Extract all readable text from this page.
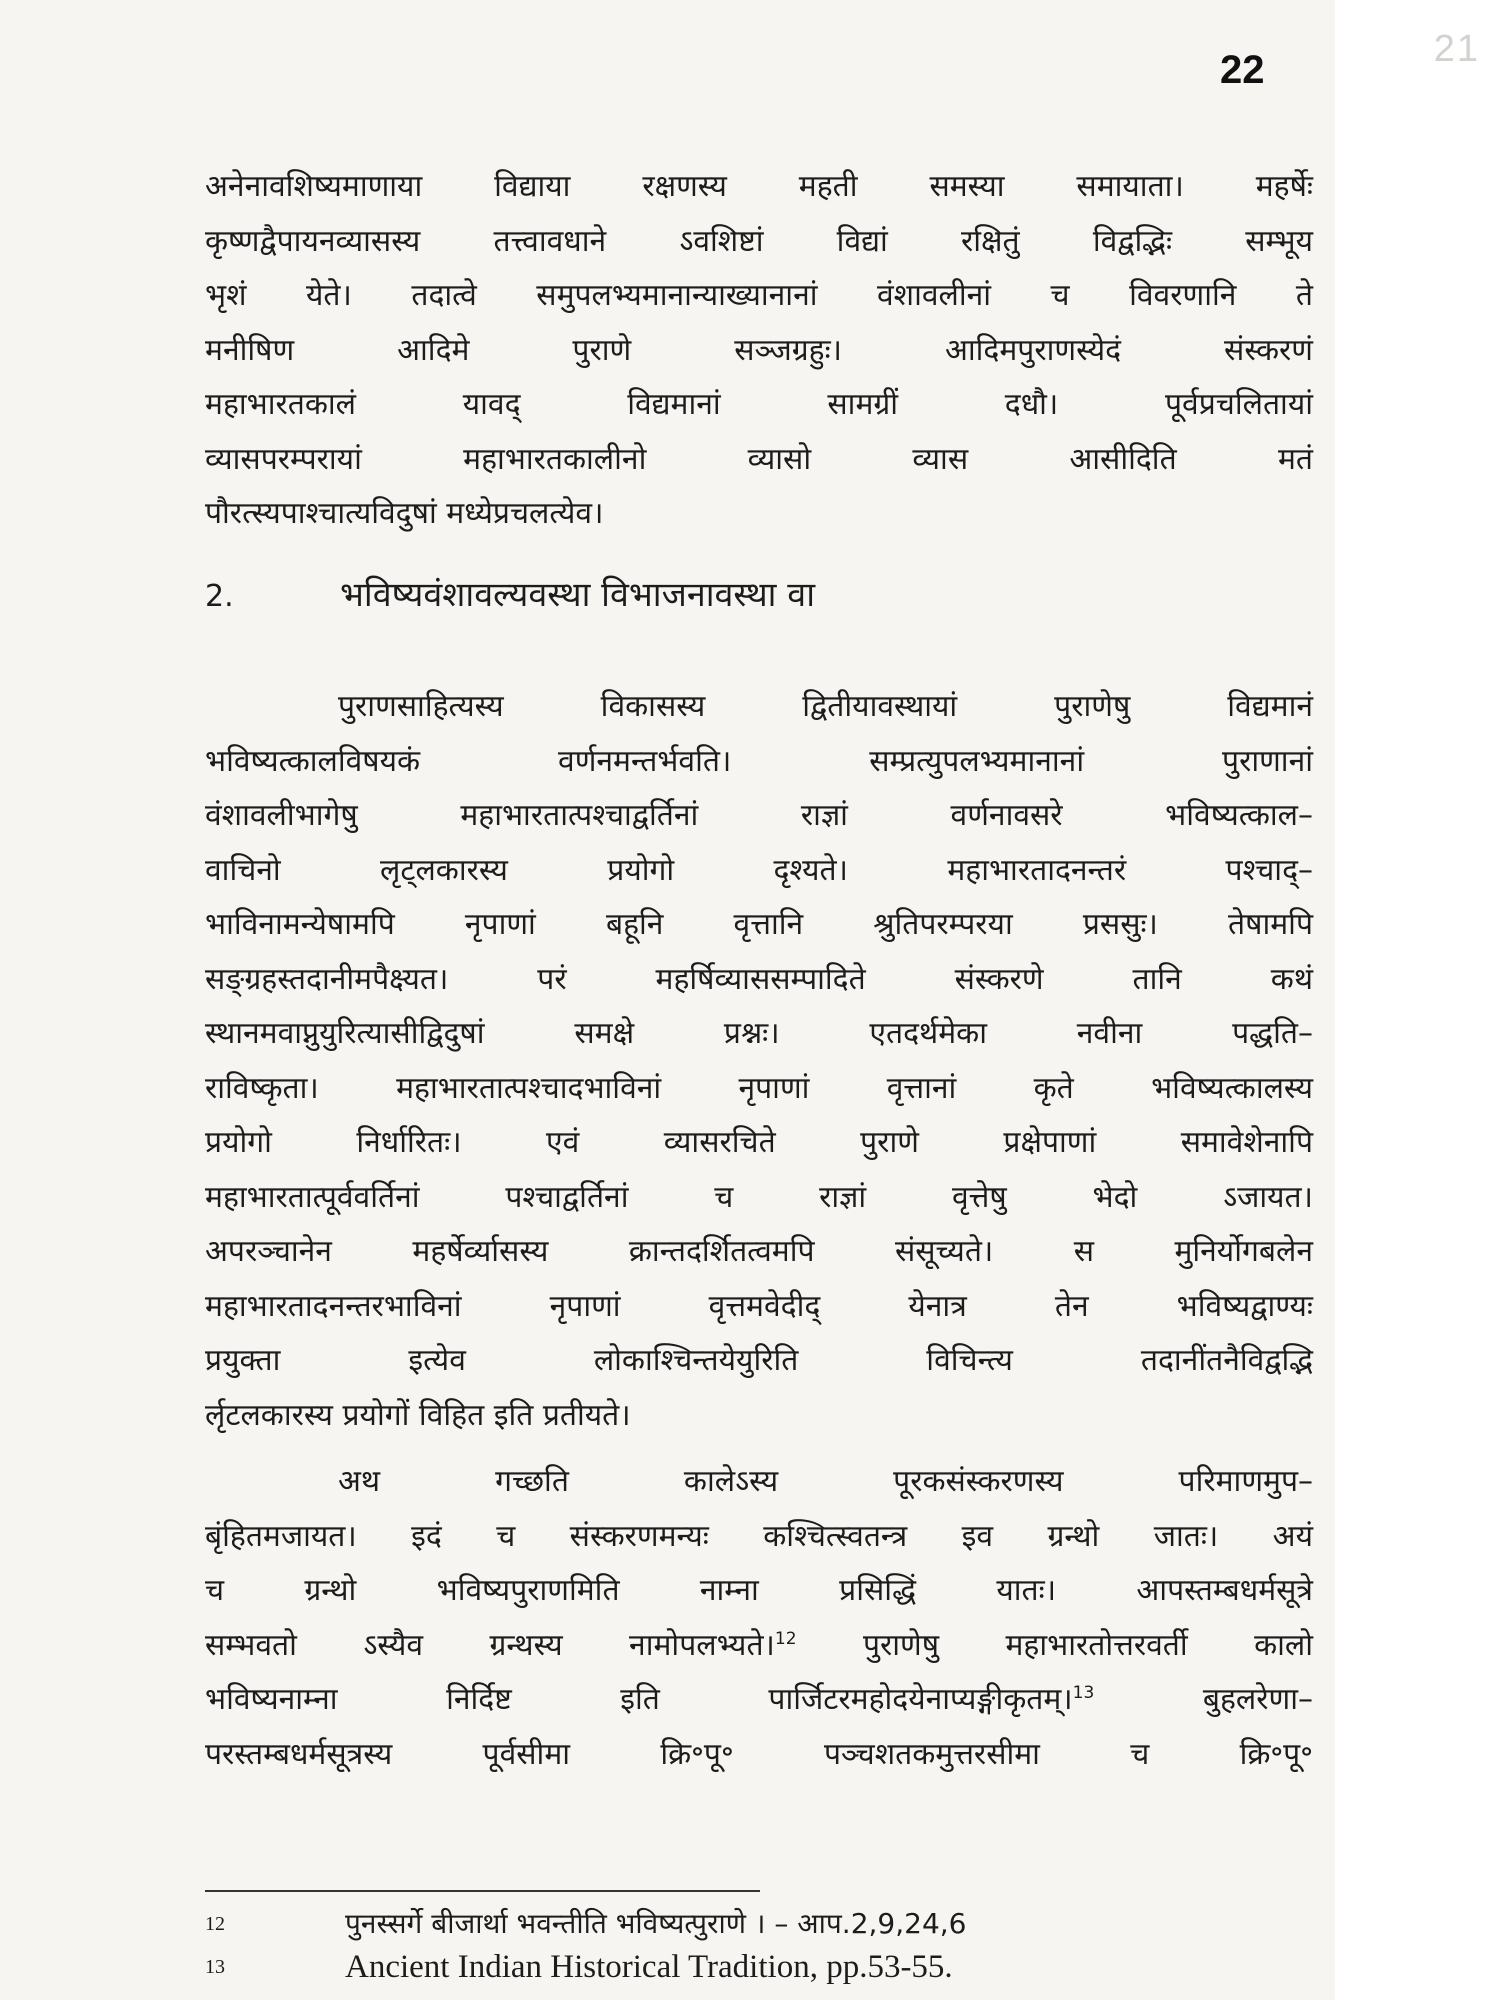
21
22
अनेनावशिष्यमाणाया विद्याया रक्षणस्य महती समस्या समायाता। महर्षेः
कृष्णद्वैपायनव्यासस्य तत्त्वावधाने ऽवशिष्टां विद्यां रक्षितुं विद्वद्भिः सम्भूय
भृशं येते। तदात्वे समुपलभ्यमानान्याख्यानानां वंशावलीनां च विवरणानि ते
मनीषिण आदिमे पुराणे सञ्जग्रहुः। आदिमपुराणस्येदं संस्करणं
महाभारतकालं यावद् विद्यमानां सामग्रीं दधौ। पूर्वप्रचलितायां
व्यासपरम्परायां महाभारतकालीनो व्यासो व्यास आसीदिति मतं
पौरत्स्यपाश्चात्यविदुषां मध्येप्रचलत्येव।
2.	भविष्यवंशावल्यवस्था विभाजनावस्था वा
पुराणसाहित्यस्य विकासस्य द्वितीयावस्थायां पुराणेषु विद्यमानं
भविष्यत्कालविषयकं वर्णनमन्तर्भवति। सम्प्रत्युपलभ्यमानानां पुराणानां
वंशावलीभागेषु महाभारतात्पश्चाद्वर्तिनां राज्ञां वर्णनावसरे भविष्यत्काल–
वाचिनो लृट्लकारस्य प्रयोगो दृश्यते। महाभारतादनन्तरं पश्चाद्–
भाविनामन्येषामपि नृपाणां बहूनि वृत्तानि श्रुतिपरम्परया प्रससुः। तेषामपि
सङ्ग्रहस्तदानीमपैक्ष्यत। परं महर्षिव्याससम्पादिते संस्करणे तानि कथं
स्थानमवाप्नुयुरित्यासीद्विदुषां समक्षे प्रश्नः। एतदर्थमेका नवीना पद्धति–
राविष्कृता। महाभारतात्पश्चादभाविनां नृपाणां वृत्तानां कृते भविष्यत्कालस्य
प्रयोगो निर्धारितः। एवं व्यासरचिते पुराणे प्रक्षेपाणां समावेशेनापि
महाभारतात्पूर्ववर्तिनां पश्चाद्वर्तिनां च राज्ञां वृत्तेषु भेदो ऽजायत।
अपरञ्चानेन महर्षेर्व्यासस्य क्रान्तदर्शितत्वमपि संसूच्यते। स मुनिर्योगबलेन
महाभारतादनन्तरभाविनां नृपाणां वृत्तमवेदीद् येनात्र तेन भविष्यद्वाण्यः
प्रयुक्ता इत्येव लोकाश्चिन्तयेयुरिति विचिन्त्य तदानींतनैविद्वद्भि
र्लृटलकारस्य प्रयोगों विहित इति प्रतीयते।
अथ गच्छति कालेऽस्य पूरकसंस्करणस्य परिमाणमुप–
बृंहितमजायत। इदं च संस्करणमन्यः कश्चित्स्वतन्त्र इव ग्रन्थो जातः। अयं
च ग्रन्थो भविष्यपुराणमिति नाम्ना प्रसिद्धिं यातः। आपस्तम्बधर्मसूत्रे
सम्भवतो ऽस्यैव ग्रन्थस्य नामोपलभ्यते।$^{12}$ पुराणेषु महाभारतोत्तरवर्ती कालो
भविष्यनाम्ना निर्दिष्ट इति पार्जिटरमहोदयेनाप्यङ्गीकृतम्।$^{13}$ बुहलरेणा–
परस्तम्बधर्मसूत्रस्य पूर्वसीमा क्रि॰पू॰ पञ्चशतकमुत्तरसीमा च क्रि॰पू॰
12	पुनस्सर्गे बीजार्था भवन्तीति भविष्यत्पुराणे । – आप.2,9,24,6
13	Ancient Indian Historical Tradition, pp.53-55.
